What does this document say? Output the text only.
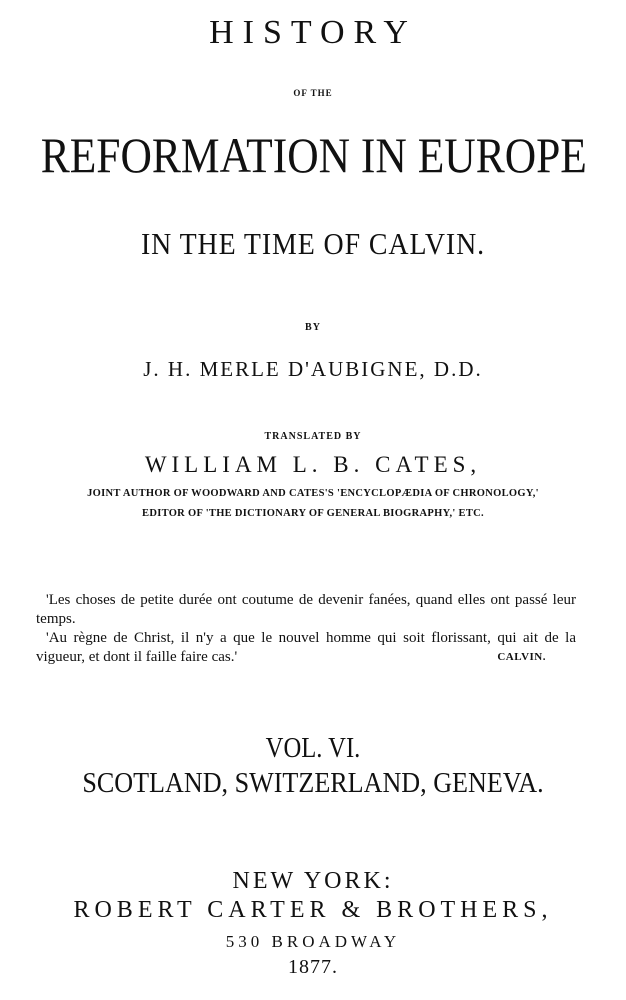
HISTORY
OF THE
REFORMATION IN EUROPE
IN THE TIME OF CALVIN.
BY
J. H. MERLE D'AUBIGNE, D.D.
TRANSLATED BY
WILLIAM L. B. CATES,
JOINT AUTHOR OF WOODWARD AND CATES'S 'ENCYCLOPÆDIA OF CHRONOLOGY,'
EDITOR OF 'THE DICTIONARY OF GENERAL BIOGRAPHY,' ETC.
'Les choses de petite durée ont coutume de devenir fanées, quand elles ont passé leur temps.
'Au règne de Christ, il n'y a que le nouvel homme qui soit florissant, qui ait de la vigueur, et dont il faille faire cas.'	CALVIN.
VOL. VI.
SCOTLAND, SWITZERLAND, GENEVA.
NEW YORK:
ROBERT CARTER & BROTHERS,
530 BROADWAY
1877.
